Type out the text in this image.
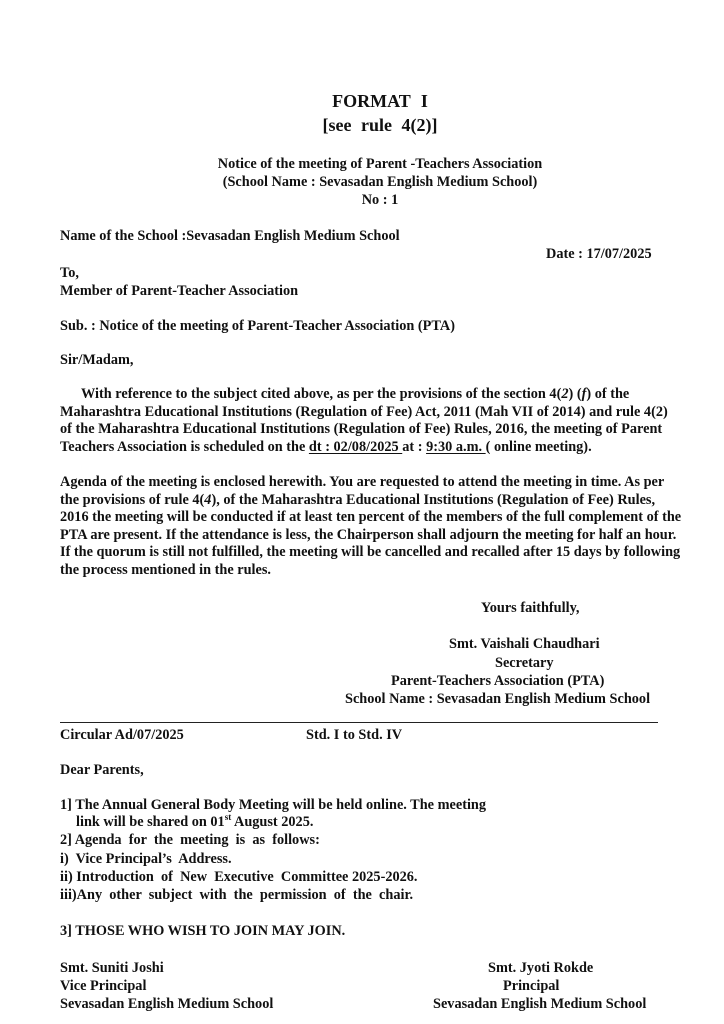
FORMAT I
[see rule 4(2)]
Notice of the meeting of Parent -Teachers Association
(School Name : Sevasadan English Medium School)
No : 1
Name of the School :Sevasadan English Medium School
Date : 17/07/2025
To,
Member of Parent-Teacher Association
Sub. : Notice of the meeting of Parent-Teacher Association (PTA)
Sir/Madam,
With reference to the subject cited above, as per the provisions of the section 4(2) (f) of the
Maharashtra Educational Institutions (Regulation of Fee) Act, 2011 (Mah VII of 2014) and rule 4(2)
of the Maharashtra Educational Institutions (Regulation of Fee) Rules, 2016, the meeting of Parent
Teachers Association is scheduled on the dt : 02/08/2025 at : 9:30 a.m. ( online meeting).
Agenda of the meeting is enclosed herewith. You are requested to attend the meeting in time. As per
the provisions of rule 4(4), of the Maharashtra Educational Institutions (Regulation of Fee) Rules,
2016 the meeting will be conducted if at least ten percent of the members of the full complement of the
PTA are present. If the attendance is less, the Chairperson shall adjourn the meeting for half an hour.
If the quorum is still not fulfilled, the meeting will be cancelled and recalled after 15 days by following
the process mentioned in the rules.
Yours faithfully,
Smt. Vaishali Chaudhari
Secretary
Parent-Teachers Association (PTA)
School Name : Sevasadan English Medium School
Circular Ad/07/2025	Std. I to Std. IV
Dear Parents,
1] The Annual General Body Meeting will be held online. The meeting
link will be shared on 01st August 2025.
2] Agenda  for  the  meeting  is  as  follows:
i)  Vice Principal’s  Address.
ii) Introduction  of  New  Executive  Committee 2025-2026.
iii)Any  other  subject  with  the  permission  of  the  chair.
3] THOSE WHO WISH TO JOIN MAY JOIN.
Smt. Suniti Joshi
Vice Principal
Sevasadan English Medium School
Smt. Jyoti Rokde
Principal
Sevasadan English Medium School
